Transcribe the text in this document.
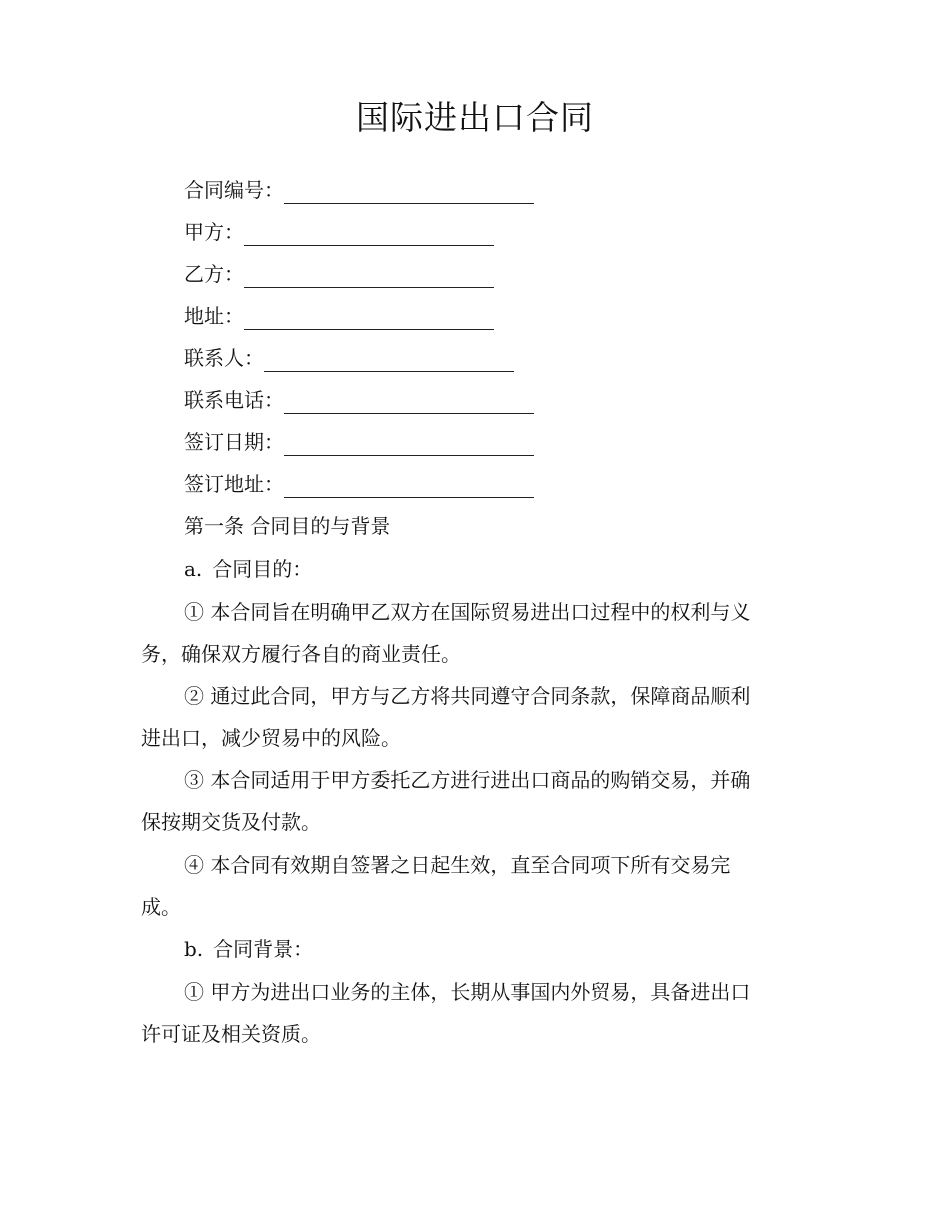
国际进出口合同
合同编号：
甲方：
乙方：
地址：
联系人：
联系电话：
签订日期：
签订地址：
第一条 合同目的与背景
a. 合同目的：
① 本合同旨在明确甲乙双方在国际贸易进出口过程中的权利与义
务，确保双方履行各自的商业责任。
② 通过此合同，甲方与乙方将共同遵守合同条款，保障商品顺利
进出口，减少贸易中的风险。
③ 本合同适用于甲方委托乙方进行进出口商品的购销交易，并确
保按期交货及付款。
④ 本合同有效期自签署之日起生效，直至合同项下所有交易完
成。
b. 合同背景：
① 甲方为进出口业务的主体，长期从事国内外贸易，具备进出口
许可证及相关资质。
